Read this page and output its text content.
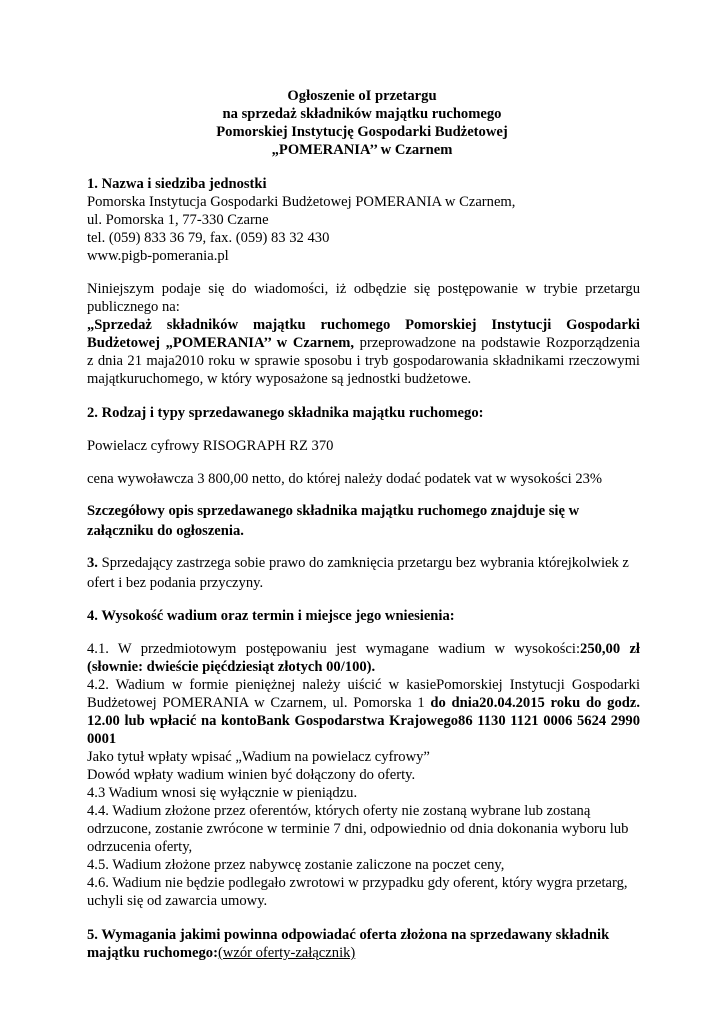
Ogłoszenie oI przetargu
na sprzedaż składników majątku ruchomego
Pomorskiej Instytucję Gospodarki Budżetowej
„POMERANIA’’ w Czarnem
1. Nazwa i siedziba jednostki
Pomorska Instytucja Gospodarki Budżetowej POMERANIA w Czarnem,
ul. Pomorska 1, 77-330 Czarne
tel. (059) 833 36 79, fax. (059) 83 32 430
www.pigb-pomerania.pl
Niniejszym podaje się do wiadomości, iż odbędzie się postępowanie w trybie przetargu
publicznego na:
„Sprzedaż składników majątku ruchomego Pomorskiej Instytucji Gospodarki
Budżetowej „POMERANIA’’ w Czarnem, przeprowadzone na podstawie Rozporządzenia
z dnia 21 maja2010 roku w sprawie sposobu i tryb gospodarowania składnikami rzeczowymi
majątkuruchomego, w który wyposażone są jednostki budżetowe.
2. Rodzaj i typy sprzedawanego składnika majątku ruchomego:
Powielacz cyfrowy RISOGRAPH RZ 370
cena wywoławcza 3 800,00 netto, do której należy dodać podatek vat w wysokości 23%
Szczegółowy opis sprzedawanego składnika majątku ruchomego znajduje się w
załączniku do ogłoszenia.
3. Sprzedający zastrzega sobie prawo do zamknięcia przetargu bez wybrania którejkolwiek z
ofert i bez podania przyczyny.
4. Wysokość wadium oraz termin i miejsce jego wniesienia:
4.1. W przedmiotowym postępowaniu jest wymagane wadium w wysokości:250,00 zł
(słownie: dwieście pięćdziesiąt złotych 00/100).
4.2. Wadium w formie pieniężnej należy uiścić w kasiePomorskiej Instytucji Gospodarki
Budżetowej POMERANIA w Czarnem, ul. Pomorska 1 do dnia20.04.2015 roku do godz.
12.00 lub wpłacić na kontoBank Gospodarstwa Krajowego86 1130 1121 0006 5624 2990
0001
Jako tytuł wpłaty wpisać „Wadium na powielacz cyfrowy”
Dowód wpłaty wadium winien być dołączony do oferty.
4.3 Wadium wnosi się wyłącznie w pieniądzu.
4.4. Wadium złożone przez oferentów, których oferty nie zostaną wybrane lub zostaną
odrzucone, zostanie zwrócone w terminie 7 dni, odpowiednio od dnia dokonania wyboru lub
odrzucenia oferty,
4.5. Wadium złożone przez nabywcę zostanie zaliczone na poczet ceny,
4.6. Wadium nie będzie podlegało zwrotowi w przypadku gdy oferent, który wygra przetarg,
uchyli się od zawarcia umowy.
5. Wymagania jakimi powinna odpowiadać oferta złożona na sprzedawany składnik
majątku ruchomego:(wzór oferty-załącznik)
